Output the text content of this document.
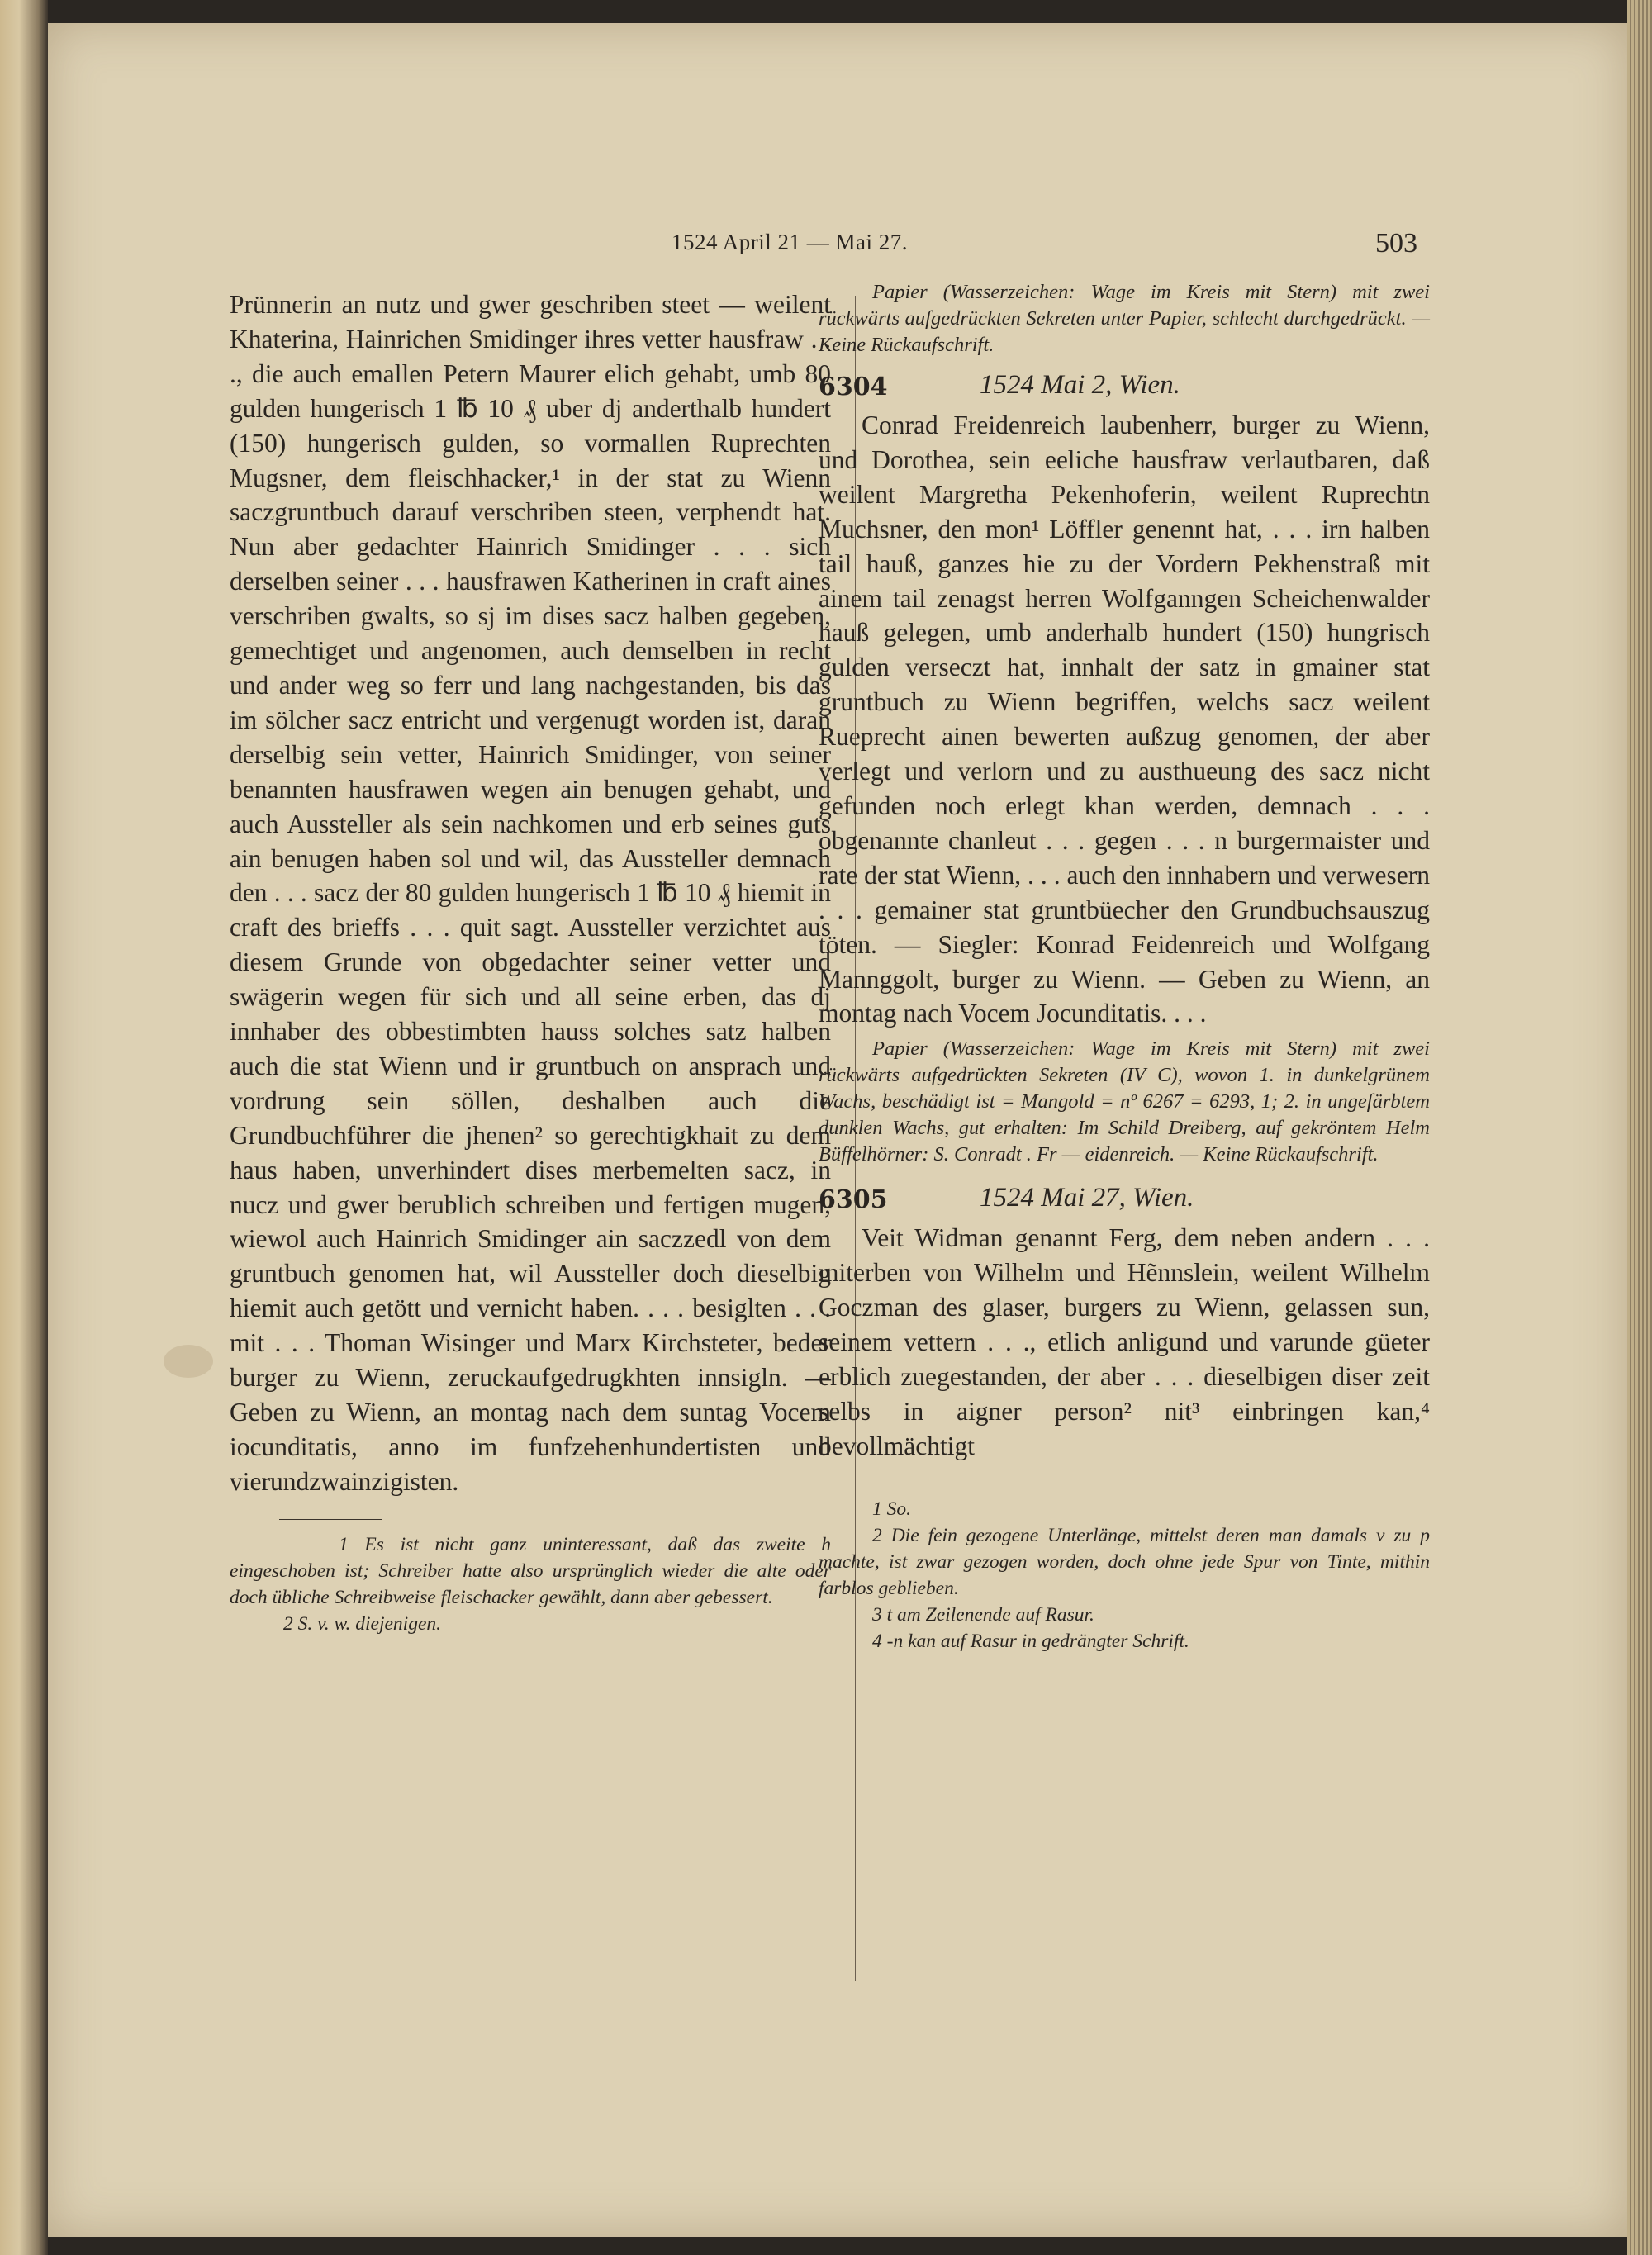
1524 April 21 — Mai 27.	503

Prünnerin an nutz und gwer geschriben steet — weilent Khaterina, Hainrichen Smidinger ihres vetter hausfraw . . ., die auch emallen Petern Maurer elich gehabt, umb 80 gulden hungerisch 1 ℔ 10 ₰ uber dj anderthalb hundert (150) hungerisch gulden, so vormallen Ruprechten Mugsner, dem fleischhacker,¹ in der stat zu Wienn saczgruntbuch darauf verschriben steen, verphendt hat. Nun aber gedachter Hainrich Smidinger . . . sich derselben seiner . . . hausfrawen Katherinen in craft aines verschriben gwalts, so sj im dises sacz halben gegeben, gemechtiget und angenomen, auch demselben in recht und ander weg so ferr und lang nachgestanden, bis das im sölcher sacz entricht und vergenugt worden ist, daran derselbig sein vetter, Hainrich Smidinger, von seiner benannten hausfrawen wegen ain benugen gehabt, und auch Aussteller als sein nachkomen und erb seines guts ain benugen haben sol und wil, das Aussteller demnach den . . . sacz der 80 gulden hungerisch 1 ℔ 10 ₰ hiemit in craft des brieffs . . . quit sagt. Aussteller verzichtet aus diesem Grunde von obgedachter seiner vetter und swägerin wegen für sich und all seine erben, das dj innhaber des obbestimbten hauss solches satz halben auch die stat Wienn und ir gruntbuch on ansprach und vordrung sein söllen, deshalben auch die Grundbuchführer die jhenen² so gerechtigkhait zu dem haus haben, unverhindert dises merbemelten sacz, in nucz und gwer berublich schreiben und fertigen mugen, wiewol auch Hainrich Smidinger ain saczzedl von dem gruntbuch genomen hat, wil Aussteller doch dieselbig hiemit auch getött und vernicht haben. . . . besiglten . . . mit . . . Thoman Wisinger und Marx Kirchsteter, beder burger zu Wienn, zeruckaufgedrugkhten innsigln. — Geben zu Wienn, an montag nach dem suntag Vocem iocunditatis, anno im funfzehenhundertisten und vierundzwainzigisten.

1 Es ist nicht ganz uninteressant, daß das zweite h eingeschoben ist; Schreiber hatte also ursprünglich wieder die alte oder doch übliche Schreibweise fleischacker gewählt, dann aber gebessert.

2 S. v. w. diejenigen.

Papier (Wasserzeichen: Wage im Kreis mit Stern) mit zwei rückwärts aufgedrückten Sekreten unter Papier, schlecht durchgedrückt. — Keine Rückaufschrift.

6304	1524 Mai 2, Wien.

Conrad Freidenreich laubenherr, burger zu Wienn, und Dorothea, sein eeliche hausfraw verlautbaren, daß weilent Margretha Pekenhoferin, weilent Ruprechtn Muchsner, den mon¹ Löffler genennt hat, . . . irn halben tail hauß, ganzes hie zu der Vordern Pekhenstraß mit ainem tail zenagst herren Wolfganngen Scheichenwalder hauß gelegen, umb anderhalb hundert (150) hungrisch gulden verseczt hat, innhalt der satz in gmainer stat gruntbuch zu Wienn begriffen, welchs sacz weilent Rueprecht ainen bewerten außzug genomen, der aber verlegt und verlorn und zu austhueung des sacz nicht gefunden noch erlegt khan werden, demnach . . . obgenannte chanleut . . . gegen . . . n burgermaister und rate der stat Wienn, . . . auch den innhabern und verwesern . . . gemainer stat gruntbüecher den Grundbuchsauszug töten. — Siegler: Konrad Feidenreich und Wolfgang Mannggolt, burger zu Wienn. — Geben zu Wienn, an montag nach Vocem Jocunditatis. . . .

Papier (Wasserzeichen: Wage im Kreis mit Stern) mit zwei rückwärts aufgedrückten Sekreten (IV C), wovon 1. in dunkelgrünem Wachs, beschädigt ist = Mangold = nº 6267 = 6293, 1; 2. in ungefärbtem dunklen Wachs, gut erhalten: Im Schild Dreiberg, auf gekröntem Helm Büffelhörner: S. Conradt . Fr — eidenreich. — Keine Rückaufschrift.

6305	1524 Mai 27, Wien.

Veit Widman genannt Ferg, dem neben andern . . . miterben von Wilhelm und Hẽnnslein, weilent Wilhelm Goczman des glaser, burgers zu Wienn, gelassen sun, seinem vettern . . ., etlich anligund und varunde güeter erblich zuegestanden, der aber . . . dieselbigen diser zeit selbs in aigner person² nit³ einbringen kan,⁴ bevollmächtigt

1 So.

2 Die fein gezogene Unterlänge, mittelst deren man damals v zu p machte, ist zwar gezogen worden, doch ohne jede Spur von Tinte, mithin farblos geblieben.

3 t am Zeilenende auf Rasur.

4 -n kan auf Rasur in gedrängter Schrift.
